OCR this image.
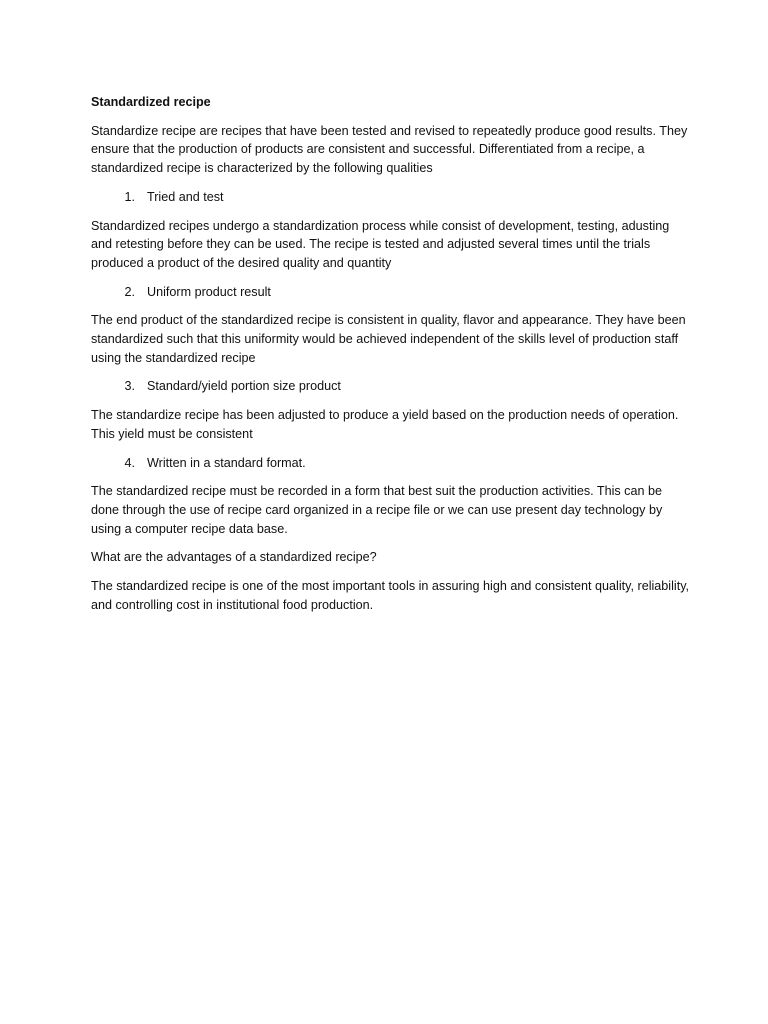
Standardized recipe

Standardize recipe are recipes that have been tested and revised to repeatedly produce good results. They ensure that the production of products are consistent and successful. Differentiated from a recipe, a standardized recipe is characterized by the following qualities

1. Tried and test

Standardized recipes undergo a standardization process while consist of development, testing, adusting and retesting before they can be used. The recipe is tested and adjusted several times until the trials produced a product of the desired quality and quantity

2. Uniform product result

The end product of the standardized recipe is consistent in quality, flavor and appearance. They have been standardized such that this uniformity would be achieved independent of the skills level of production staff using the standardized recipe

3. Standard/yield portion size product

The standardize recipe has been adjusted to produce a yield based on the production needs of operation. This yield must be consistent

4. Written in a standard format.

The standardized recipe must be recorded in a form that best suit the production activities. This can be done through the use of recipe card organized in a recipe file or we can use present day technology by using a computer recipe data base.

What are the advantages of a standardized recipe?

The standardized recipe is one of the most important tools in assuring high and consistent quality, reliability, and controlling cost in institutional food production.
